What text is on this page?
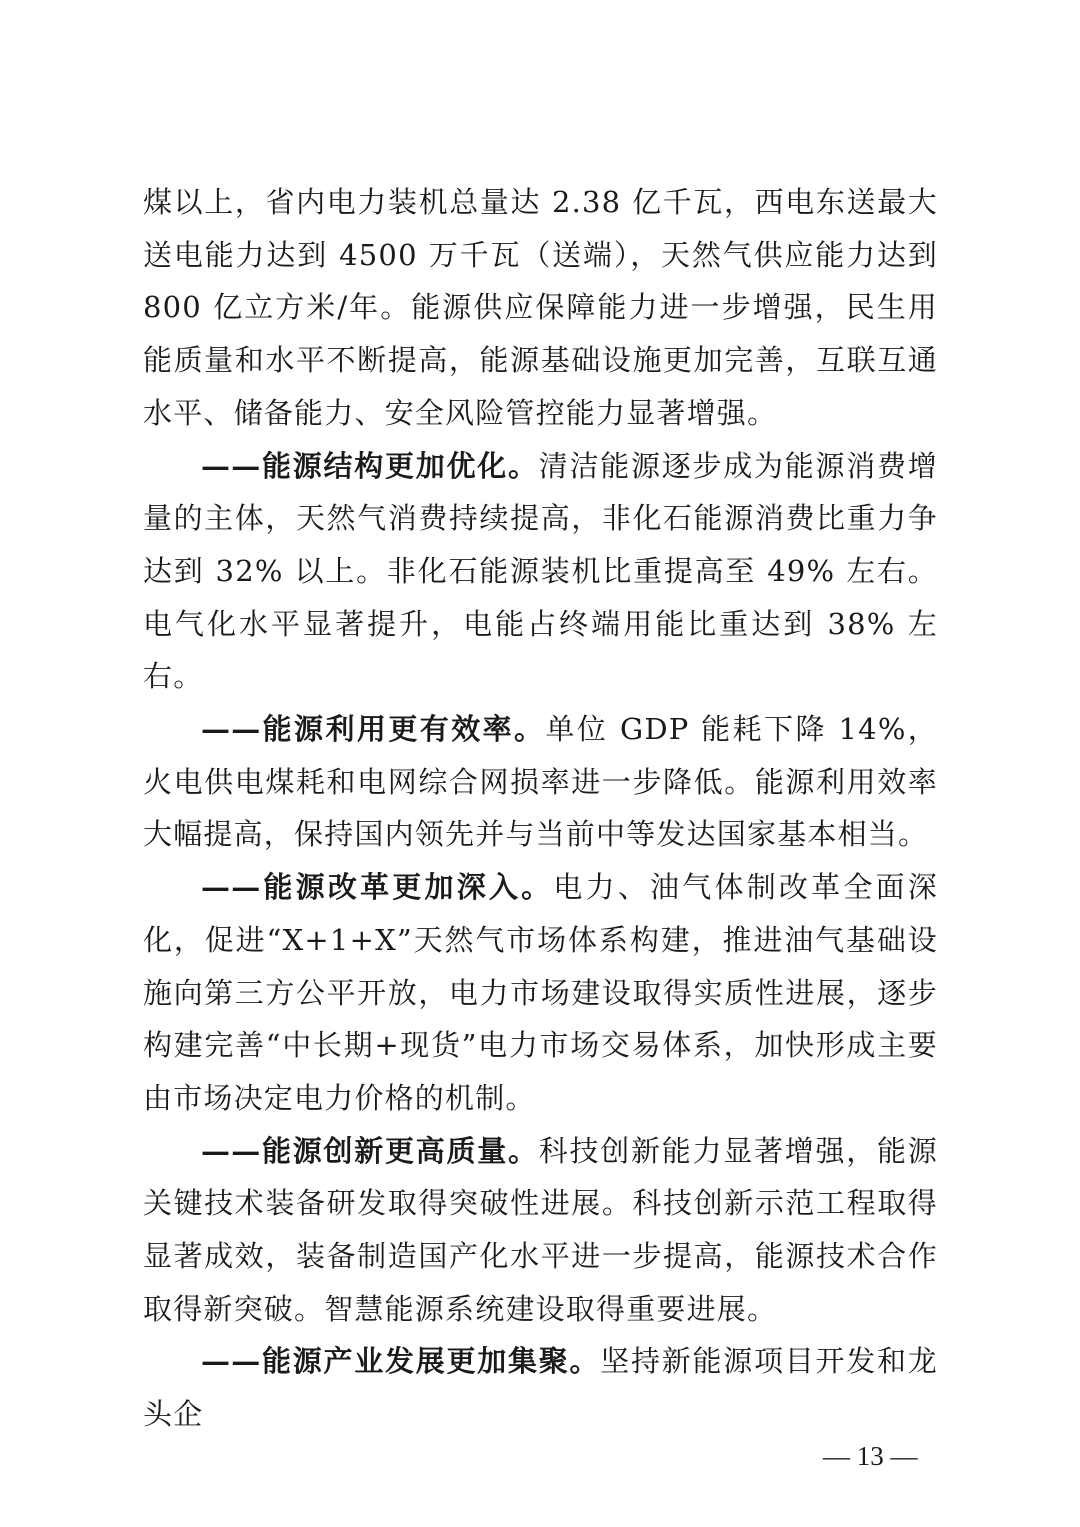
煤以上，省内电力装机总量达 2.38 亿千瓦，西电东送最大送电能力达到 4500 万千瓦（送端），天然气供应能力达到 800 亿立方米/年。能源供应保障能力进一步增强，民生用能质量和水平不断提高，能源基础设施更加完善，互联互通水平、储备能力、安全风险管控能力显著增强。

——能源结构更加优化。清洁能源逐步成为能源消费增量的主体，天然气消费持续提高，非化石能源消费比重力争达到 32% 以上。非化石能源装机比重提高至 49% 左右。电气化水平显著提升，电能占终端用能比重达到 38% 左右。

——能源利用更有效率。单位 GDP 能耗下降 14%，火电供电煤耗和电网综合网损率进一步降低。能源利用效率大幅提高，保持国内领先并与当前中等发达国家基本相当。

——能源改革更加深入。电力、油气体制改革全面深化，促进“X+1+X”天然气市场体系构建，推进油气基础设施向第三方公平开放，电力市场建设取得实质性进展，逐步构建完善“中长期+现货”电力市场交易体系，加快形成主要由市场决定电力价格的机制。

——能源创新更高质量。科技创新能力显著增强，能源关键技术装备研发取得突破性进展。科技创新示范工程取得显著成效，装备制造国产化水平进一步提高，能源技术合作取得新突破。智慧能源系统建设取得重要进展。

——能源产业发展更加集聚。坚持新能源项目开发和龙头企

— 13 —
